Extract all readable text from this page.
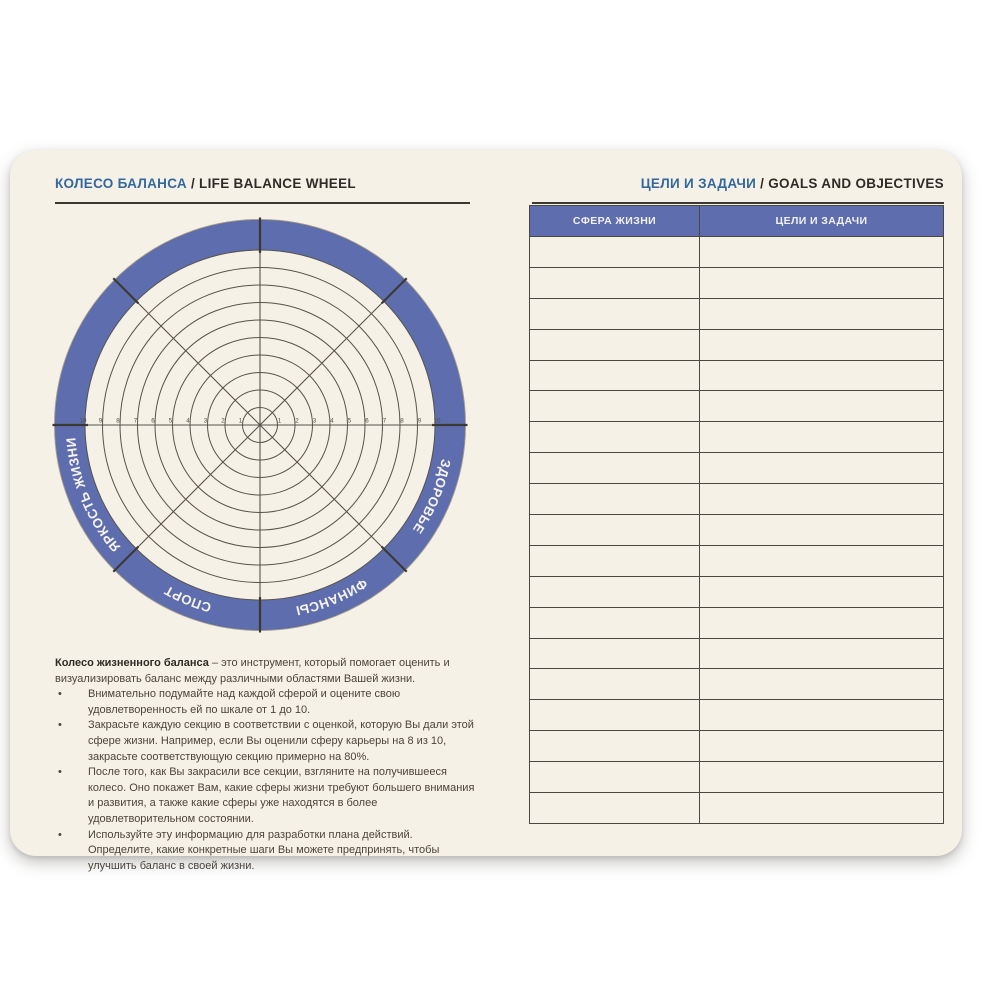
КОЛЕСО БАЛАНСА / LIFE BALANCE WHEEL
ЗДОРОВЬЕ
ФИНАНСЫ
СПОРТ
ЯРКОСТЬ ЖИЗНИ
1	1
2	2
3	3
4	4
5	5
6	6
7	7
8	8
9	9
10	10

Колесо жизненного баланса – это инструмент, который помогает оценить и визуализировать баланс между различными областями Вашей жизни.

• Внимательно подумайте над каждой сферой и оцените свою удовлетворенность ей по шкале от 1 до 10.
• Закрасьте каждую секцию в соответствии с оценкой, которую Вы дали этой сфере жизни. Например, если Вы оценили сферу карьеры на 8 из 10, закрасьте соответствующую секцию примерно на 80%.
• После того, как Вы закрасили все секции, взгляните на получившееся колесо. Оно покажет Вам, какие сферы жизни требуют большего внимания и развития, а также какие сферы уже находятся в более удовлетворительном состоянии.
• Используйте эту информацию для разработки плана действий. Определите, какие конкретные шаги Вы можете предпринять, чтобы улучшить баланс в своей жизни.
ЦЕЛИ И ЗАДАЧИ / GOALS AND OBJECTIVES
СФЕРА ЖИЗНИ	ЦЕЛИ И ЗАДАЧИ
